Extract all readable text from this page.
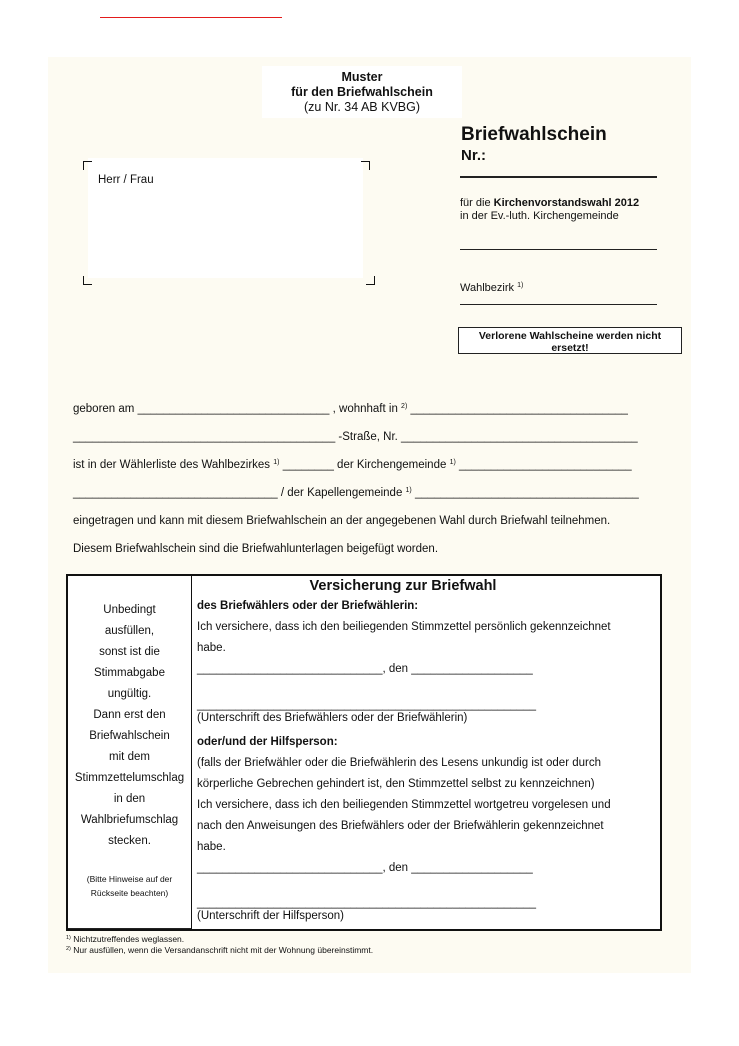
Muster
für den Briefwahlschein
(zu Nr. 34 AB KVBG)
Herr / Frau
Briefwahlschein
Nr.:
für die Kirchenvorstandswahl 2012
in der Ev.-luth. Kirchengemeinde
Wahlbezirk $^{1)}$
Verlorene Wahlscheine werden nicht ersetzt!
geboren am ______________________________ , wohnhaft in $^{2)}$ __________________________________
_________________________________________ -Straße, Nr. _____________________________________
ist in der Wählerliste des Wahlbezirkes $^{1)}$ ________ der Kirchengemeinde $^{1)}$ ___________________________
________________________________ / der Kapellengemeinde $^{1)}$ ___________________________________
eingetragen und kann mit diesem Briefwahlschein an der angegebenen Wahl durch Briefwahl teilnehmen.
Diesem Briefwahlschein sind die Briefwahlunterlagen beigefügt worden.
Unbedingt
ausfüllen,
sonst ist die
Stimmabgabe
ungültig.
Dann erst den
Briefwahlschein
mit dem
Stimmzettelumschlag
in den
Wahlbriefumschlag
stecken.
(Bitte Hinweise auf der Rückseite beachten)
Versicherung zur Briefwahl
des Briefwählers oder der Briefwählerin:
Ich versichere, dass ich den beiliegenden Stimmzettel persönlich gekennzeichnet
habe.
_____________________________, den ___________________
_____________________________________________________
(Unterschrift des Briefwählers oder der Briefwählerin)
oder/und der Hilfsperson:
(falls der Briefwähler oder die Briefwählerin des Lesens unkundig ist oder durch
körperliche Gebrechen gehindert ist, den Stimmzettel selbst zu kennzeichnen)
Ich versichere, dass ich den beiliegenden Stimmzettel wortgetreu vorgelesen und
nach den Anweisungen des Briefwählers oder der Briefwählerin gekennzeichnet
habe.
_____________________________, den ___________________
_____________________________________________________
(Unterschrift der Hilfsperson)
$^{1)}$ Nichtzutreffendes weglassen.
$^{2)}$ Nur ausfüllen, wenn die Versandanschrift nicht mit der Wohnung übereinstimmt.
